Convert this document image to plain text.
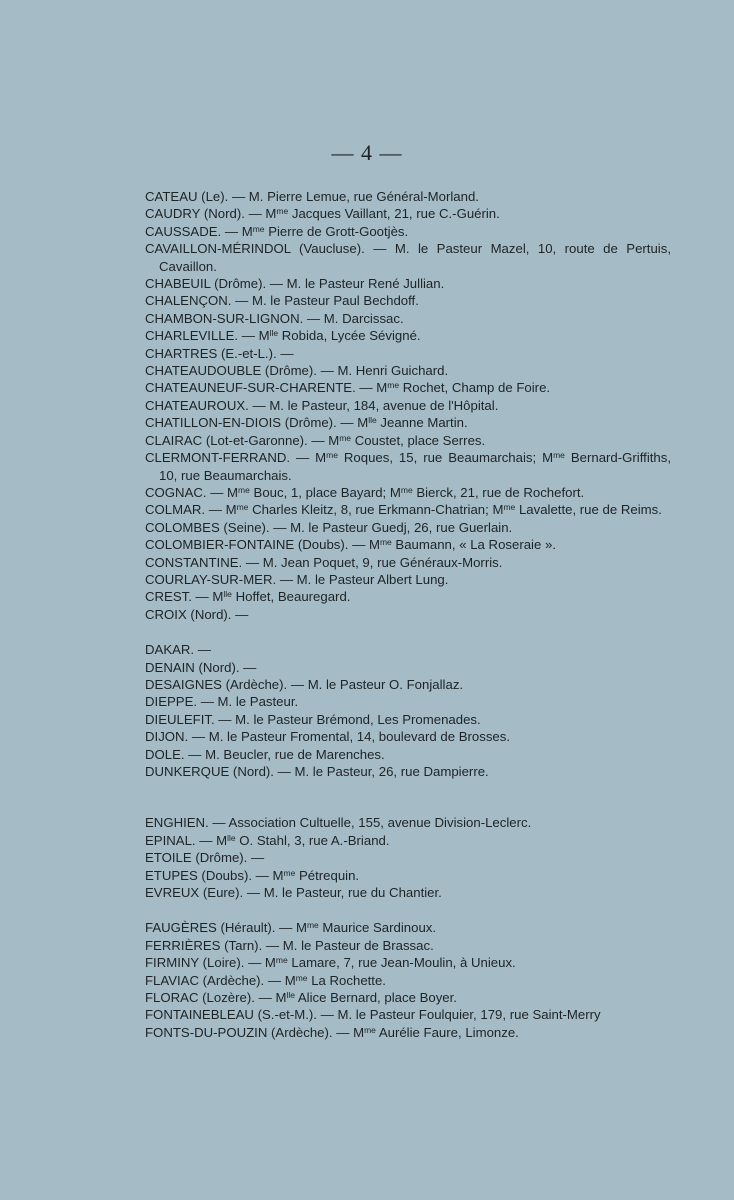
— 4 —
CATEAU (Le). — M. Pierre Lemue, rue Général-Morland.
CAUDRY (Nord). — $M^{me}$ Jacques Vaillant, 21, rue C.-Guérin.
CAUSSADE. — $M^{me}$ Pierre de Grott-Gootjès.
CAVAILLON-MÉRINDOL (Vaucluse). — M. le Pasteur Mazel, 10, route de Pertuis, Cavaillon.
CHABEUIL (Drôme). — M. le Pasteur René Jullian.
CHALENÇON. — M. le Pasteur Paul Bechdoff.
CHAMBON-SUR-LIGNON. — M. Darcissac.
CHARLEVILLE. — $M^{lle}$ Robida, Lycée Sévigné.
CHARTRES (E.-et-L.). —
CHATEAUDOUBLE (Drôme). — M. Henri Guichard.
CHATEAUNEUF-SUR-CHARENTE. — $M^{me}$ Rochet, Champ de Foire.
CHATEAUROUX. — M. le Pasteur, 184, avenue de l'Hôpital.
CHATILLON-EN-DIOIS (Drôme). — $M^{lle}$ Jeanne Martin.
CLAIRAC (Lot-et-Garonne). — $M^{me}$ Coustet, place Serres.
CLERMONT-FERRAND. — $M^{me}$ Roques, 15, rue Beaumarchais; $M^{me}$ Bernard-Griffiths, 10, rue Beaumarchais.
COGNAC. — $M^{me}$ Bouc, 1, place Bayard; $M^{me}$ Bierck, 21, rue de Rochefort.
COLMAR. — $M^{me}$ Charles Kleitz, 8, rue Erkmann-Chatrian; $M^{me}$ Lavalette, rue de Reims.
COLOMBES (Seine). — M. le Pasteur Guedj, 26, rue Guerlain.
COLOMBIER-FONTAINE (Doubs). — $M^{me}$ Baumann, « La Roseraie ».
CONSTANTINE. — M. Jean Poquet, 9, rue Généraux-Morris.
COURLAY-SUR-MER. — M. le Pasteur Albert Lung.
CREST. — $M^{lle}$ Hoffet, Beauregard.
CROIX (Nord). —
DAKAR. —
DENAIN (Nord). —
DESAIGNES (Ardèche). — M. le Pasteur O. Fonjallaz.
DIEPPE. — M. le Pasteur.
DIEULEFIT. — M. le Pasteur Brémond, Les Promenades.
DIJON. — M. le Pasteur Fromental, 14, boulevard de Brosses.
DOLE. — M. Beucler, rue de Marenches.
DUNKERQUE (Nord). — M. le Pasteur, 26, rue Dampierre.
ENGHIEN. — Association Cultuelle, 155, avenue Division-Leclerc.
EPINAL. — $M^{lle}$ O. Stahl, 3, rue A.-Briand.
ETOILE (Drôme). —
ETUPES (Doubs). — $M^{me}$ Pétrequin.
EVREUX (Eure). — M. le Pasteur, rue du Chantier.
FAUGÈRES (Hérault). — $M^{me}$ Maurice Sardinoux.
FERRIÈRES (Tarn). — M. le Pasteur de Brassac.
FIRMINY (Loire). — $M^{me}$ Lamare, 7, rue Jean-Moulin, à Unieux.
FLAVIAC (Ardèche). — $M^{me}$ La Rochette.
FLORAC (Lozère). — $M^{lle}$ Alice Bernard, place Boyer.
FONTAINEBLEAU (S.-et-M.). — M. le Pasteur Foulquier, 179, rue Saint-Merry
FONTS-DU-POUZIN (Ardèche). — $M^{me}$ Aurélie Faure, Limonze.
